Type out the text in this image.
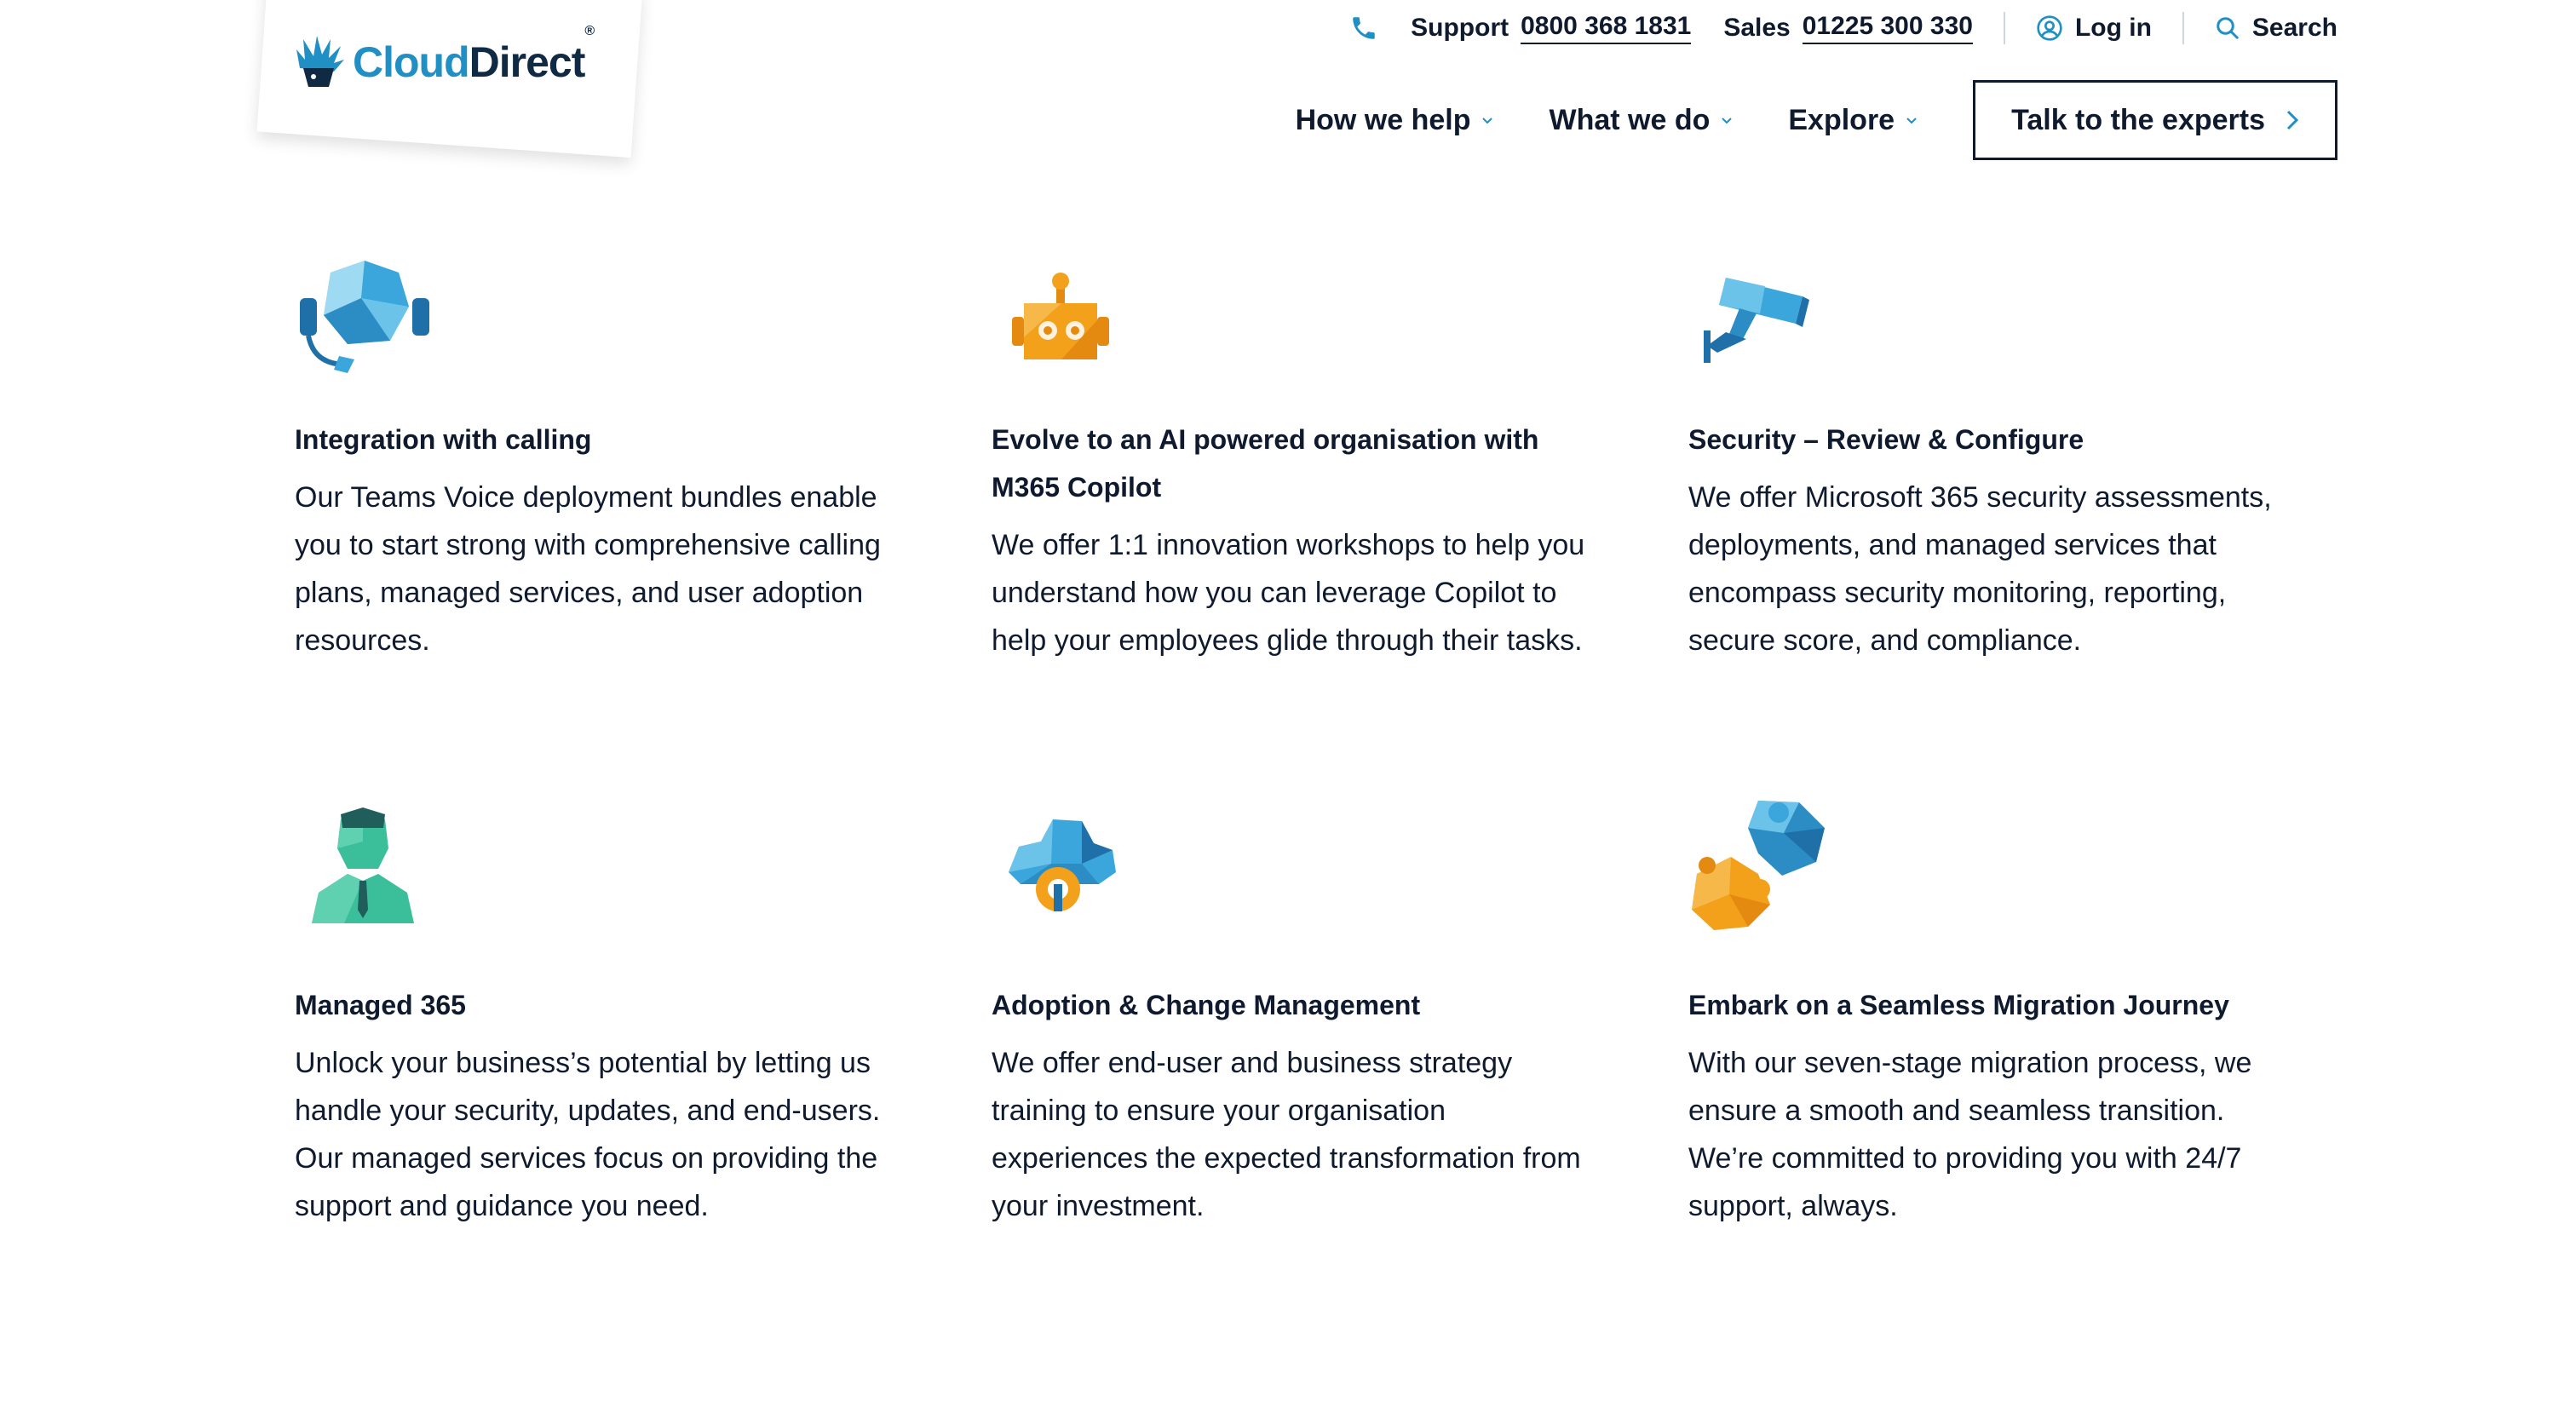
CloudDirect®	Support 0800 368 1831 Sales 01225 300 330	Log in	Search
How we help	What we do	Explore	Talk to the experts
Integration with calling

Our Teams Voice deployment bundles enable you to start strong with comprehensive calling plans, managed services, and user adoption resources.

Evolve to an AI powered organisation with M365 Copilot

We offer 1:1 innovation workshops to help you understand how you can leverage Copilot to help your employees glide through their tasks.

Security – Review & Configure

We offer Microsoft 365 security assessments, deployments, and managed services that encompass security monitoring, reporting, secure score, and compliance.

Managed 365

Unlock your business’s potential by letting us handle your security, updates, and end-users. Our managed services focus on providing the support and guidance you need.

Adoption & Change Management

We offer end-user and business strategy training to ensure your organisation experiences the expected transformation from your investment.

Embark on a Seamless Migration Journey

With our seven-stage migration process, we ensure a smooth and seamless transition. We’re committed to providing you with 24/7 support, always.
